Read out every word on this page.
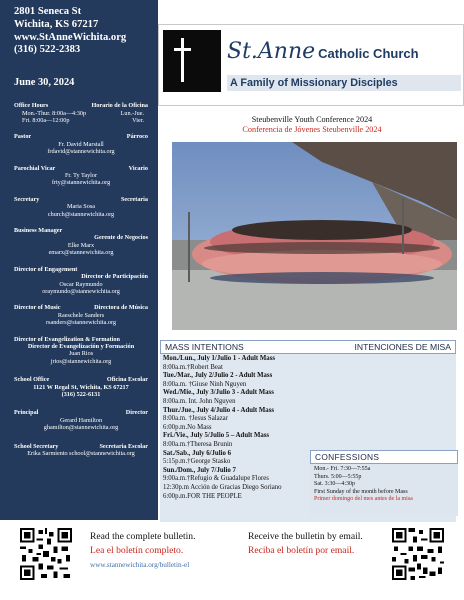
2801 Seneca St
Wichita, KS 67217
www.StAnneWichita.org
(316) 522-2383
June 30, 2024
Office Hours	Horario de la Oficina
Mon.-Thur. 8:00a—4:30p	Lun.-Jue.
Fri. 8:00a—12:00p	Vier.
Pastor	Párroco
Fr. David Marstall
frdavid@stannewichita.org
Parochial Vicar	Vicario
Fr. Ty Taylor
frty@stannewichita.org
Secretary	Secretaria
Maria Sosa
church@stannewichita.org
Business Manager
Gerente de Negocios
Elke Marx
emarx@stannewichita.org
Director of Engagement
Director de Participación
Oscar Raymundo
oraymundo@stannewichita.org
Director of Music	Directora de Música
Raeschele Sanders
rsanders@stannewichita.org
Director of Evangelization & Formation
Director de Evangelización y Formación
Juan Rios
jrios@stannewichita.org
School Office	Oficina Escolar
1121 W Regal St, Wichita, KS 67217
(316) 522-6131
Principal	Director
Gerard Hamilton
ghamilton@stannewichita.org
School Secretary	Secretaria Escolar
Erika Sarmiento school@stannewichita.org
St.Anne Catholic Church
A Family of Missionary Disciples
Steubenville Youth Conference 2024
Conferencia de Jóvenes Steubenville 2024
MASS INTENTIONS	INTENCIONES DE MISA
Mon./Lun., July 1/Julio 1 - Adult Mass
8:00a.m.†Robert Beat
Tue./Mar., July 2/Julio 2 - Adult Mass
8:00a.m. †Giuse Ninh Nguyen
Wed./Mie., July 3/Julio 3 - Adult Mass
8:00a.m. Int. John Nguyen
Thur./Jue., July 4/Julio 4 - Adult Mass
8:00a.m. †Jesus Salazar
6:00p.m.No Mass
Fri./Vie., July 5/Julio 5 – Adult Mass
8:00a.m.†Theresa Brunin
Sat./Sab., July 6/Julio 6
5:15p.m.†George Stasko
Sun./Dom., July 7/Julio 7
9:00a.m.†Refugio & Guadalupe Flores
12:30p.m Acción de Gracias Diego Soriano
6:00p.m.FOR THE PEOPLE
CONFESSIONS
Mon.- Fri. 7:30—7:55a
Thurs. 5:00—5:55p
Sat. 3:30—4:30p
First Sunday of the month before Mass
Primer domingo del mes antes de la misa
Read the complete bulletin.
Lea el boletín completo.
www.stannewichita.org/bulletin-el
Receive the bulletin by email.
Reciba el boletín por email.
